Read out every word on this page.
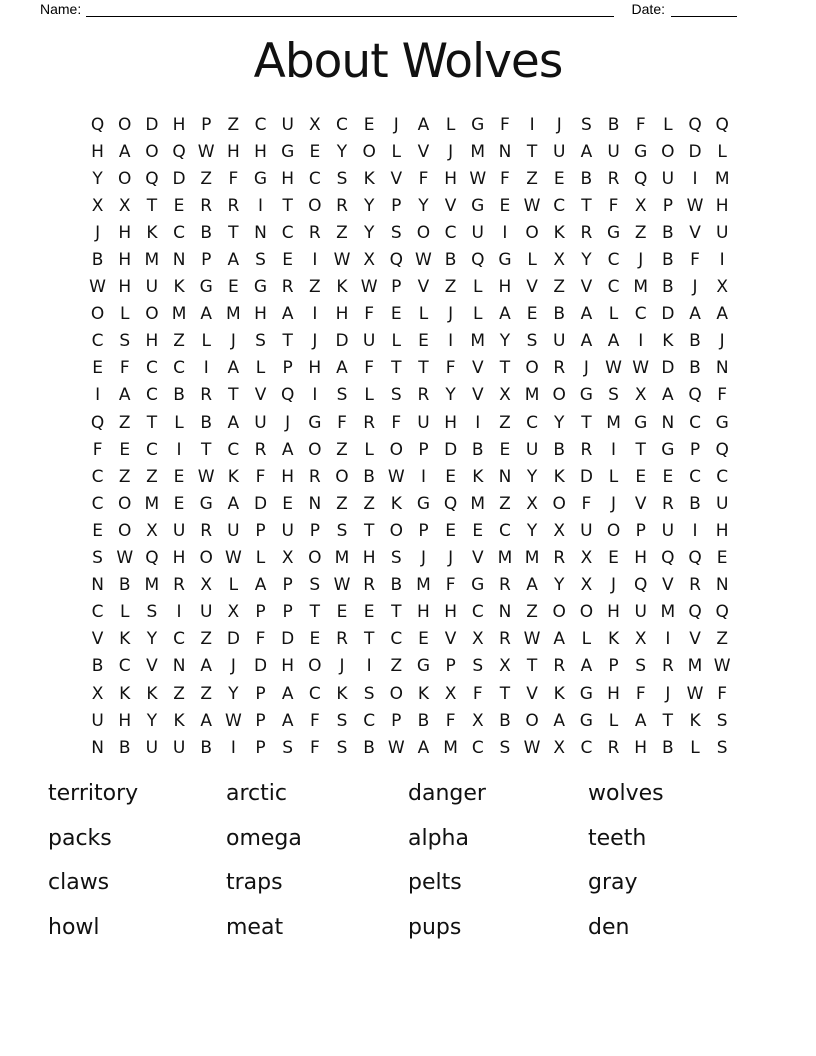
Name:	Date:
About Wolves
Q O D H P Z C U X C E	J	A L G F	I	J	S B F	L Q Q
H A O Q W H H G E Y O L V	J	M N T U A U G O D L
Y O Q D Z F G H C S K V F H W F Z E B R Q U	I	M
X X T E R R	I	T O R Y P Y V G E W C T	F X P W H
J	H K C B T N C R Z Y S O C U	I	O K R G Z B V U
B H M N P A S E	I W X Q W B Q G L X Y C	J	B F	I
W H U K G E G R Z K W P V Z L H V Z V C M B	J	X
O L O M A M H A	I	H F E	L	J	L A E B A L C D A A
C S H Z L	J	S T	J	D U L	E	I	M Y S U A A	I	K B	J
E F C C	I	A L	P H A F	T T	F V T O R	J W W D B N
I	A C B R T V Q	I	S	L	S R Y V X M O G S X A Q F
Q Z T	L B A U	J	G F R F U H	I	Z C Y T M G N C G
F E C	I	T C R A O Z L O P D B E U B R	I	T G P Q
C Z Z E W K F H R O B W I	E K N Y K D L	E E C C
C O M E G A D E N Z Z K G Q M Z X O F	J	V R B U
E O X U R U P U P S T O P E E C Y X U O P U	I	H
S W Q H O W L X O M H S	J	J	V M M R X E H Q Q E
N B M R X L A P S W R B M F G R A Y X	J	Q V R N
C L	S	I	U X P P T E E T H H C N Z O O H U M Q Q
V K Y C Z D F D E R T C E V X R W A L K X	I	V Z
B C V N A	J	D H O	J	I	Z G P S X T R A P S R M W
X K K Z Z Y P A C K S O K X F	T V K G H F	J W F
U H Y K A W P A F S C P B F X B O A G L A T K S
N B U U B	I	P S F S B W A M C S W X C R H B L	S
territory	arctic	danger	wolves
packs	omega	alpha	teeth
claws	traps	pelts	gray
howl	meat	pups	den
